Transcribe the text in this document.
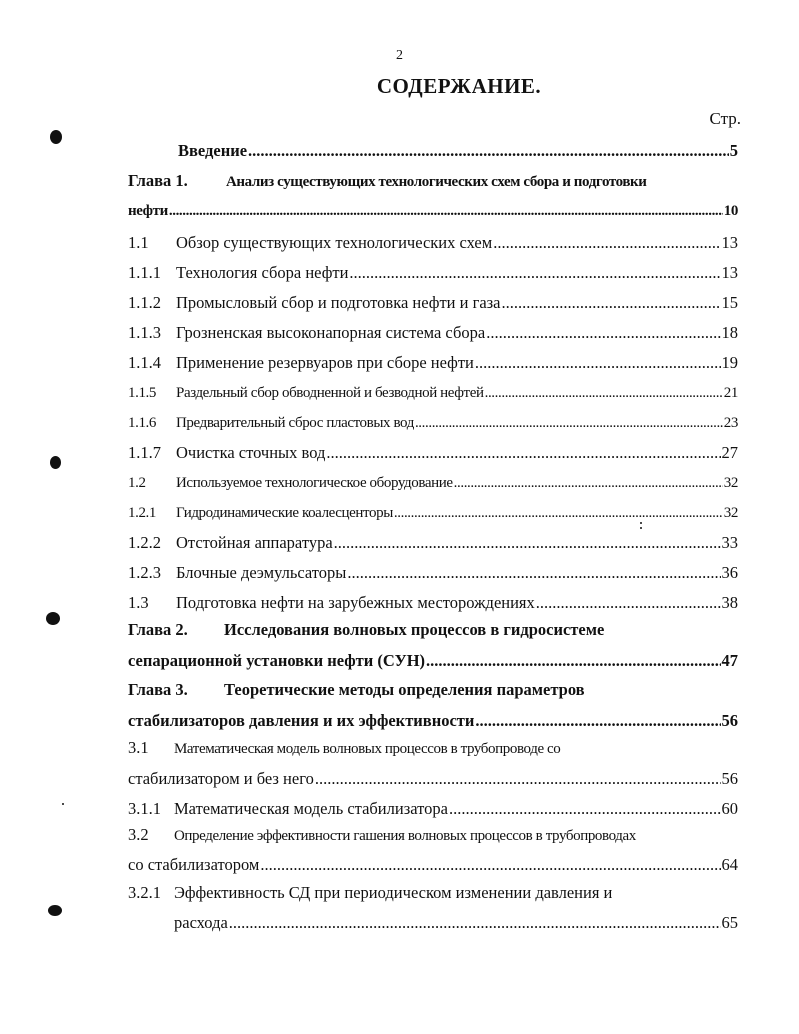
2
СОДЕРЖАНИЕ.
Стр.
Введение .....	5
Глава 1.	Анализ существующих технологических схем сбора и подготовки
нефти .....	10
1.1	Обзор существующих технологических схем .....	13
1.1.1 Технология сбора нефти .....	13
1.1.2 Промысловый сбор и подготовка нефти и газа .....	15
1.1.3 Грозненская высоконапорная система сбора .....	18
1.1.4 Применение резервуаров при сборе нефти .....	19
1.1.5	Раздельный сбор обводненной и безводной нефтей .....	21
1.1.6	Предварительный сброс пластовых вод .....	23
1.1.7 Очистка сточных вод .....	27
1.2	Используемое технологическое оборудование .....	32
1.2.1	Гидродинамические коалесценторы .....	32
1.2.2 Отстойная аппаратура .....	33
1.2.3 Блочные деэмульсаторы .....	36
1.3	Подготовка нефти на зарубежных месторождениях .....	38
Глава 2. Исследования волновых процессов в гидросистеме
сепарационной установки нефти (СУН) .....	47
Глава 3. Теоретические методы определения параметров
стабилизаторов давления и их эффективности .....	56
3.1 Математическая модель волновых процессов в трубопроводе со
стабилизатором и без него .....	56
3.1.1 Математическая модель стабилизатора .....	60
3.2 Определение эффективности гашения волновых процессов в трубопроводах
со стабилизатором .....	64
3.2.1 Эффективность СД при периодическом изменении давления и
расхода .....	65
